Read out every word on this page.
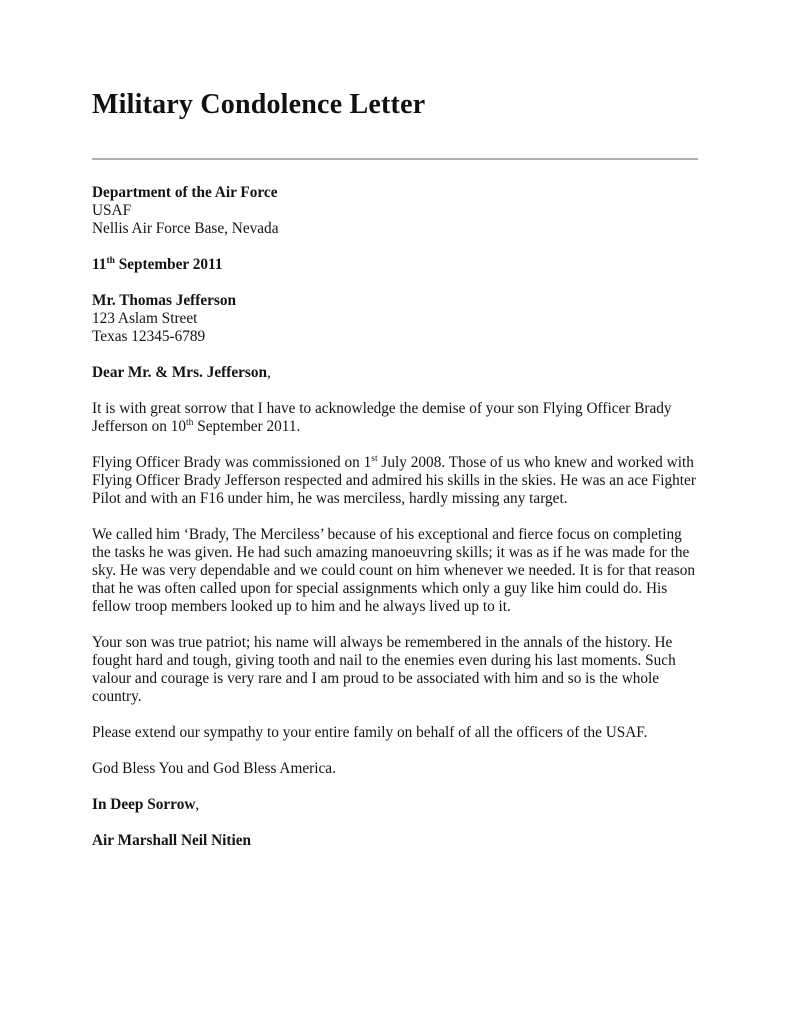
Military Condolence Letter

Department of the Air Force

USAF

Nellis Air Force Base, Nevada

11th September 2011

Mr. Thomas Jefferson

123 Aslam Street

Texas 12345-6789

Dear Mr. & Mrs. Jefferson,

It is with great sorrow that I have to acknowledge the demise of your son Flying Officer Brady Jefferson on 10th September 2011.

Flying Officer Brady was commissioned on 1st July 2008. Those of us who knew and worked with Flying Officer Brady Jefferson respected and admired his skills in the skies. He was an ace Fighter Pilot and with an F16 under him, he was merciless, hardly missing any target.

We called him ‘Brady, The Merciless’ because of his exceptional and fierce focus on completing the tasks he was given. He had such amazing manoeuvring skills; it was as if he was made for the sky. He was very dependable and we could count on him whenever we needed. It is for that reason that he was often called upon for special assignments which only a guy like him could do. His fellow troop members looked up to him and he always lived up to it.

Your son was true patriot; his name will always be remembered in the annals of the history. He fought hard and tough, giving tooth and nail to the enemies even during his last moments. Such valour and courage is very rare and I am proud to be associated with him and so is the whole country.

Please extend our sympathy to your entire family on behalf of all the officers of the USAF.

God Bless You and God Bless America.

In Deep Sorrow,

Air Marshall Neil Nitien
